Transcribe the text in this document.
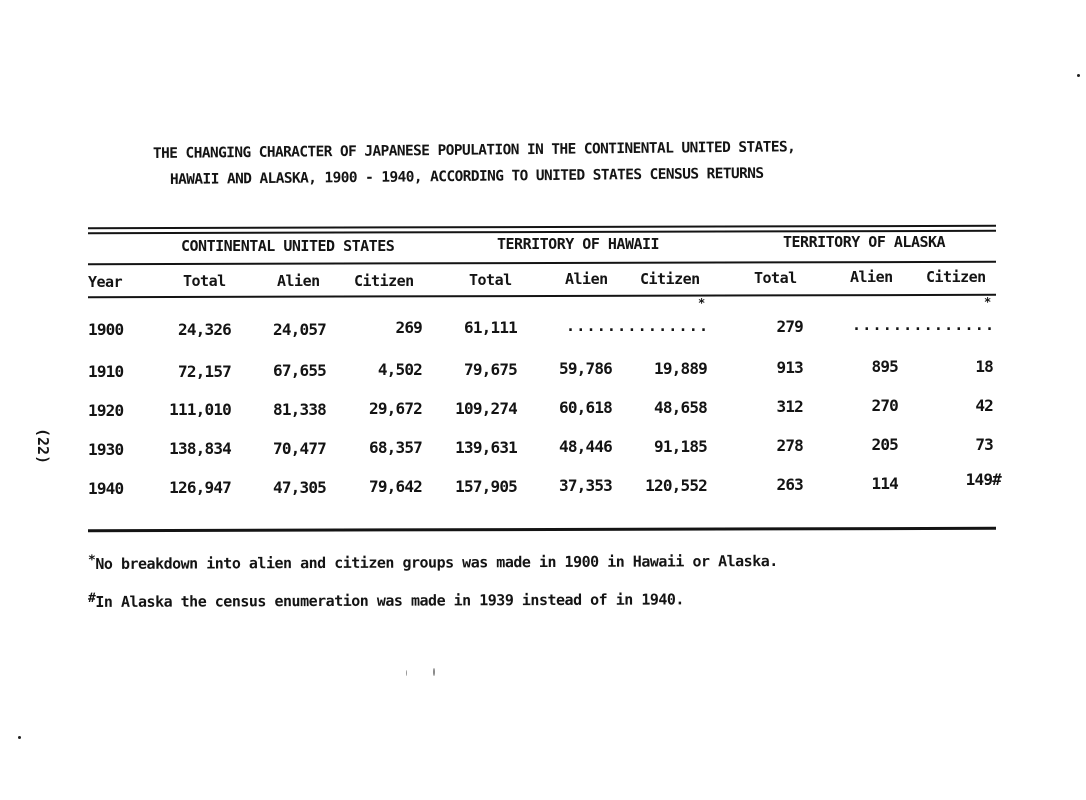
THE CHANGING CHARACTER OF JAPANESE POPULATION IN THE CONTINENTAL UNITED STATES,
HAWAII AND ALASKA, 1900 - 1940, ACCORDING TO UNITED STATES CENSUS RETURNS
(22)
CONTINENTAL UNITED STATES	TERRITORY OF HAWAII	TERRITORY OF ALASKA
Year	Total	Alien Citizen	Total	Alien Citizen	Total	Alien Citizen
*	*
1900	24,326	24,057	269	61,111	..............	279	..............
1910	72,157	67,655	4,502	79,675	59,786	19,889	913	895	18
1920	111,010	81,338	29,672	109,274	60,618	48,658	312	270	42
1930	138,834	70,477	68,357	139,631	48,446	91,185	278	205	73
1940	126,947	47,305	79,642	157,905	37,353	120,552	263	114	149#
*No breakdown into alien and citizen groups was made in 1900 in Hawaii or Alaska.
#In Alaska the census enumeration was made in 1939 instead of in 1940.
